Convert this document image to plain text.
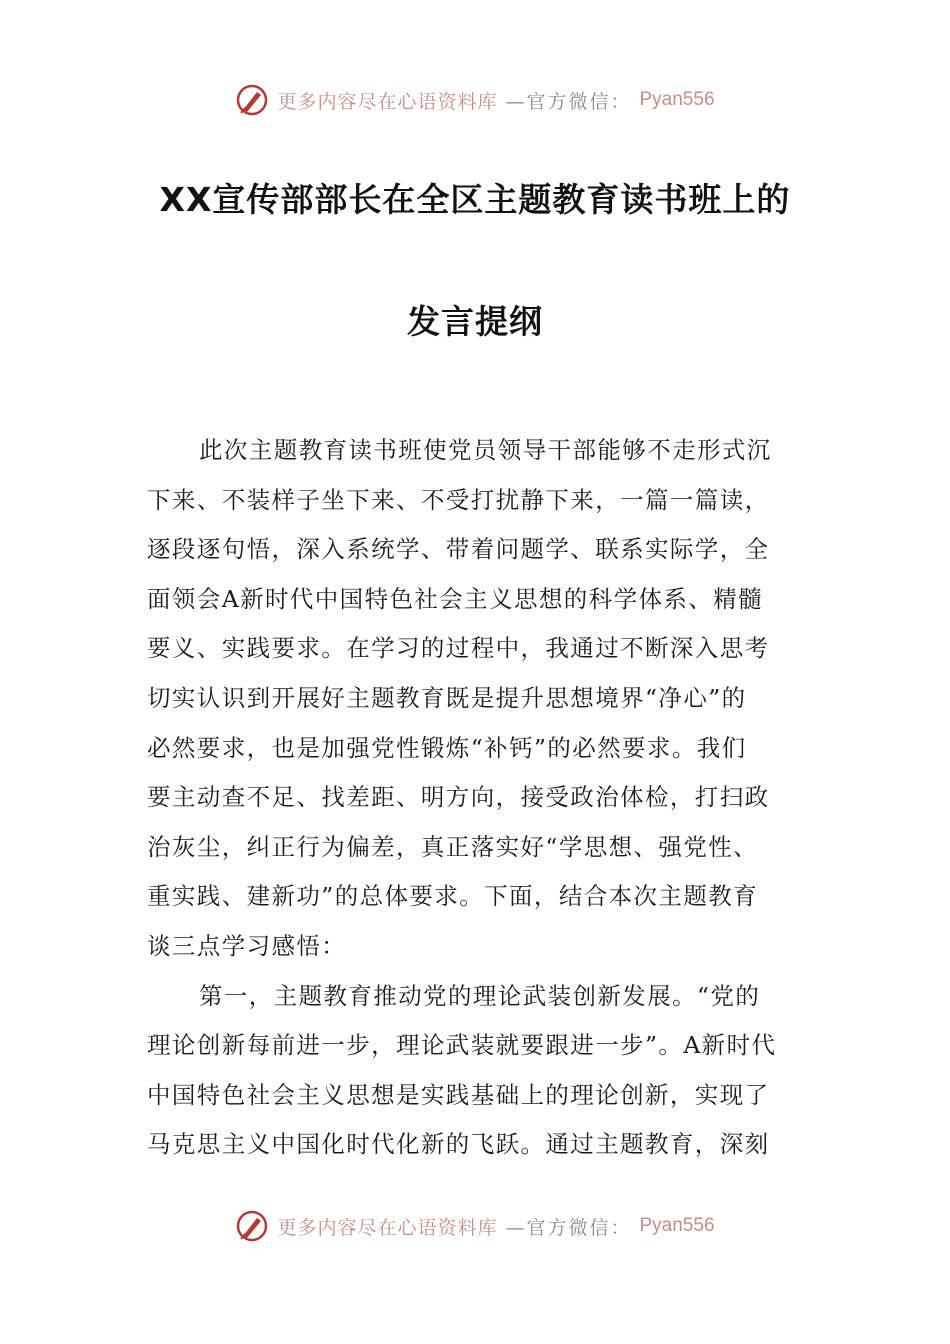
更多内容尽在心语资料库 —官方微信： Pyan556
XX宣传部部长在全区主题教育读书班上的
发言提纲
此次主题教育读书班使党员领导干部能够不走形式沉
下来、不装样子坐下来、不受打扰静下来，一篇一篇读，
逐段逐句悟，深入系统学、带着问题学、联系实际学，全
面领会A新时代中国特色社会主义思想的科学体系、精髓
要义、实践要求。在学习的过程中，我通过不断深入思考
切实认识到开展好主题教育既是提升思想境界“净心”的
必然要求，也是加强党性锻炼“补钙”的必然要求。我们
要主动查不足、找差距、明方向，接受政治体检，打扫政
治灰尘，纠正行为偏差，真正落实好“学思想、强党性、
重实践、建新功”的总体要求。下面，结合本次主题教育
谈三点学习感悟：
第一，主题教育推动党的理论武装创新发展。“党的
理论创新每前进一步，理论武装就要跟进一步”。A新时代
中国特色社会主义思想是实践基础上的理论创新，实现了
马克思主义中国化时代化新的飞跃。通过主题教育，深刻
更多内容尽在心语资料库 —官方微信： Pyan556
